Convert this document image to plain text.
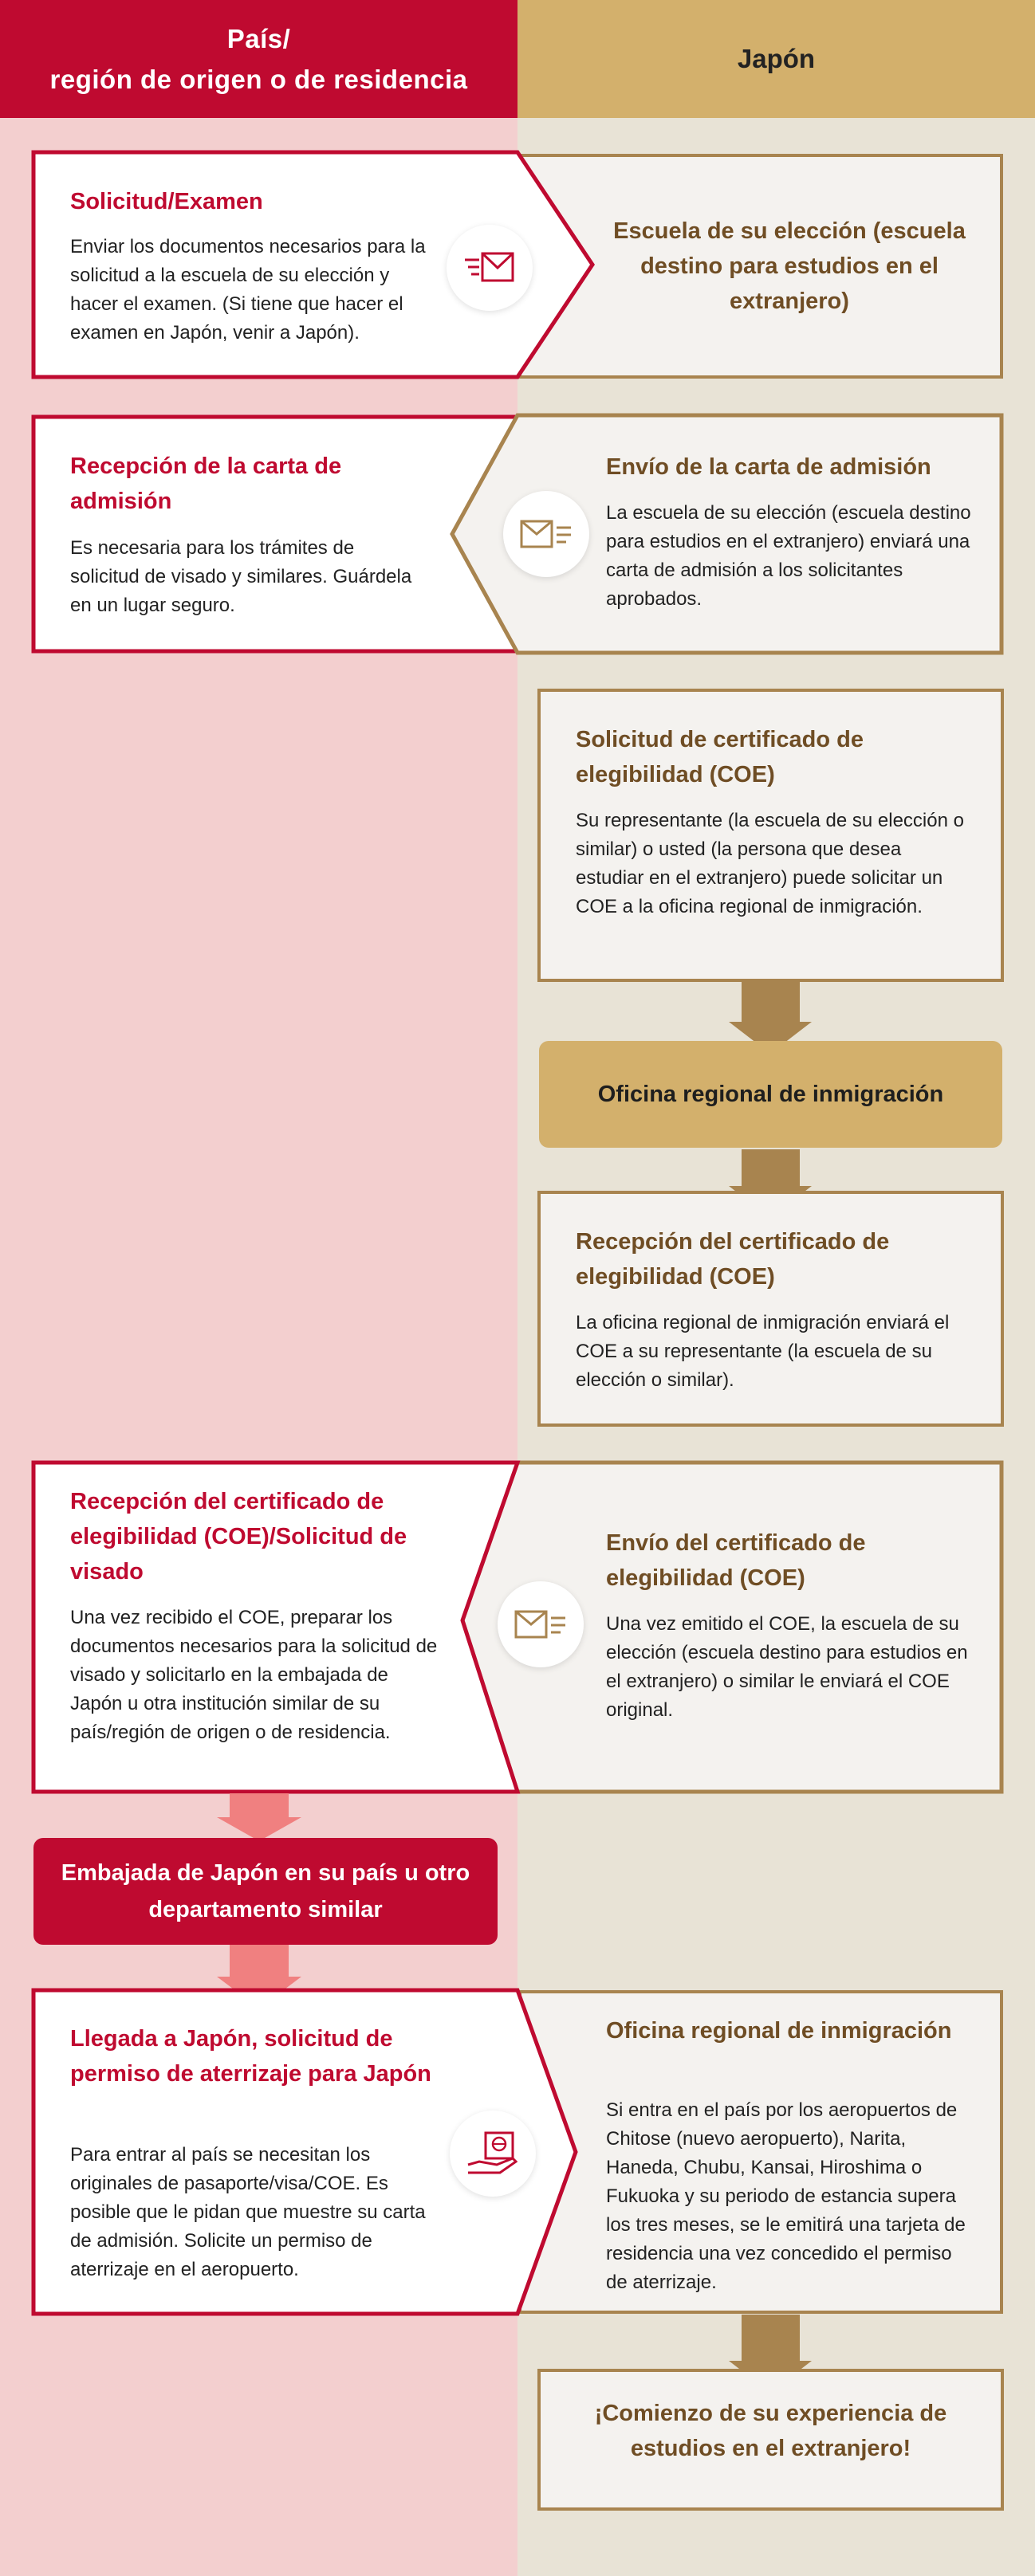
País/
región de origen o de residencia
Japón
Solicitud/Examen
Enviar los documentos necesarios para la solicitud a la escuela de su elección y hacer el examen. (Si tiene que hacer el examen en Japón, venir a Japón).
Escuela de su elección (escuela destino para estudios en el extranjero)
Recepción de la carta de admisión
Es necesaria para los trámites de solicitud de visado y similares. Guárdela en un lugar seguro.
Envío de la carta de admisión
La escuela de su elección (escuela destino para estudios en el extranjero) enviará una carta de admisión a los solicitantes aprobados.
Solicitud de certificado de elegibilidad (COE)
Su representante (la escuela de su elección o similar) o usted (la persona que desea estudiar en el extranjero) puede solicitar un COE a la oficina regional de inmigración.
Oficina regional de inmigración
Recepción del certificado de elegibilidad (COE)
La oficina regional de inmigración enviará el COE a su representante (la escuela de su elección o similar).
Recepción del certificado de elegibilidad (COE)/Solicitud de visado
Una vez recibido el COE, preparar los documentos necesarios para la solicitud de visado y solicitarlo en la embajada de Japón u otra institución similar de su país/región de origen o de residencia.
Envío del certificado de elegibilidad (COE)
Una vez emitido el COE, la escuela de su elección (escuela destino para estudios en el extranjero) o similar le enviará el COE original.
Embajada de Japón en su país u otro departamento similar
Llegada a Japón, solicitud de permiso de aterrizaje para Japón
Para entrar al país se necesitan los originales de pasaporte/visa/COE. Es posible que le pidan que muestre su carta de admisión. Solicite un permiso de aterrizaje en el aeropuerto.
Oficina regional de inmigración
Si entra en el país por los aeropuertos de Chitose (nuevo aeropuerto), Narita, Haneda, Chubu, Kansai, Hiroshima o Fukuoka y su periodo de estancia supera los tres meses, se le emitirá una tarjeta de residencia una vez concedido el permiso de aterrizaje.
¡Comienzo de su experiencia de estudios en el extranjero!
